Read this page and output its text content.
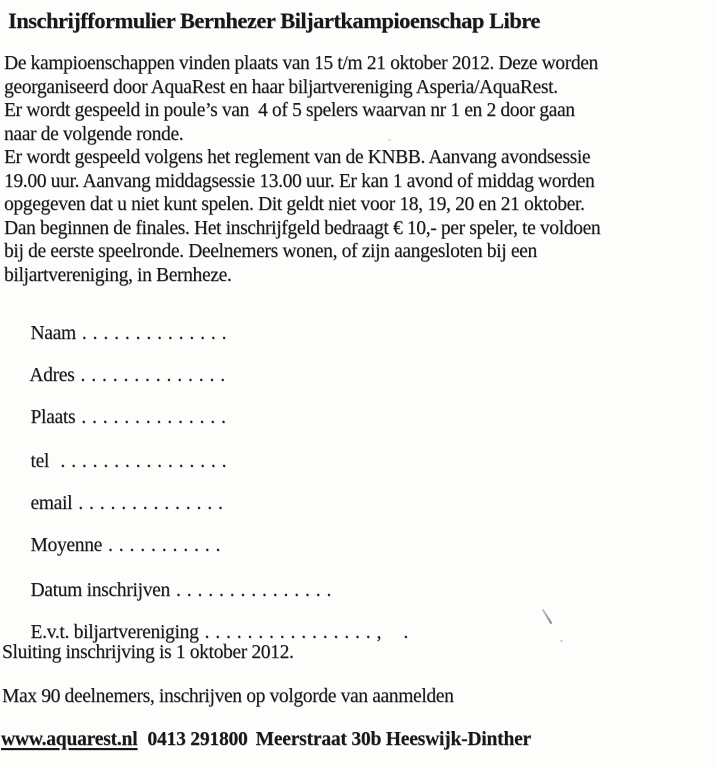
Inschrijfformulier Bernhezer Biljartkampioenschap Libre
De kampioenschappen vinden plaats van 15 t/m 21 oktober 2012. Deze worden
georganiseerd door AquaRest en haar biljartvereniging Asperia/AquaRest.
Er wordt gespeeld in poule’s van  4 of 5 spelers waarvan nr 1 en 2 door gaan
naar de volgende ronde.
Er wordt gespeeld volgens het reglement van de KNBB. Aanvang avondsessie
19.00 uur. Aanvang middagsessie 13.00 uur. Er kan 1 avond of middag worden
opgegeven dat u niet kunt spelen. Dit geldt niet voor 18, 19, 20 en 21 oktober.
Dan beginnen de finales. Het inschrijfgeld bedraagt € 10,- per speler, te voldoen
bij de eerste speelronde. Deelnemers wonen, of zijn aangesloten bij een
biljartvereniging, in Bernheze.

Naam . . . . . . . . . . . . . .

Adres . . . . . . . . . . . . . .

Plaats . . . . . . . . . . . . . .

tel . . . . . . . . . . . . . . . .

email . . . . . . . . . . . . . .

Moyenne . . . . . . . . . . .

Datum inschrijven . . . . . . . . . . . . . . .

E.v.t. biljartvereniging . . . . . . . . . . . . . . . . ,    .

Sluiting inschrijving is 1 oktober 2012.
Max 90 deelnemers, inschrijven op volgorde van aanmelden
www.aquarest.nl 0413 291800 Meerstraat 30b Heeswijk-Dinther
